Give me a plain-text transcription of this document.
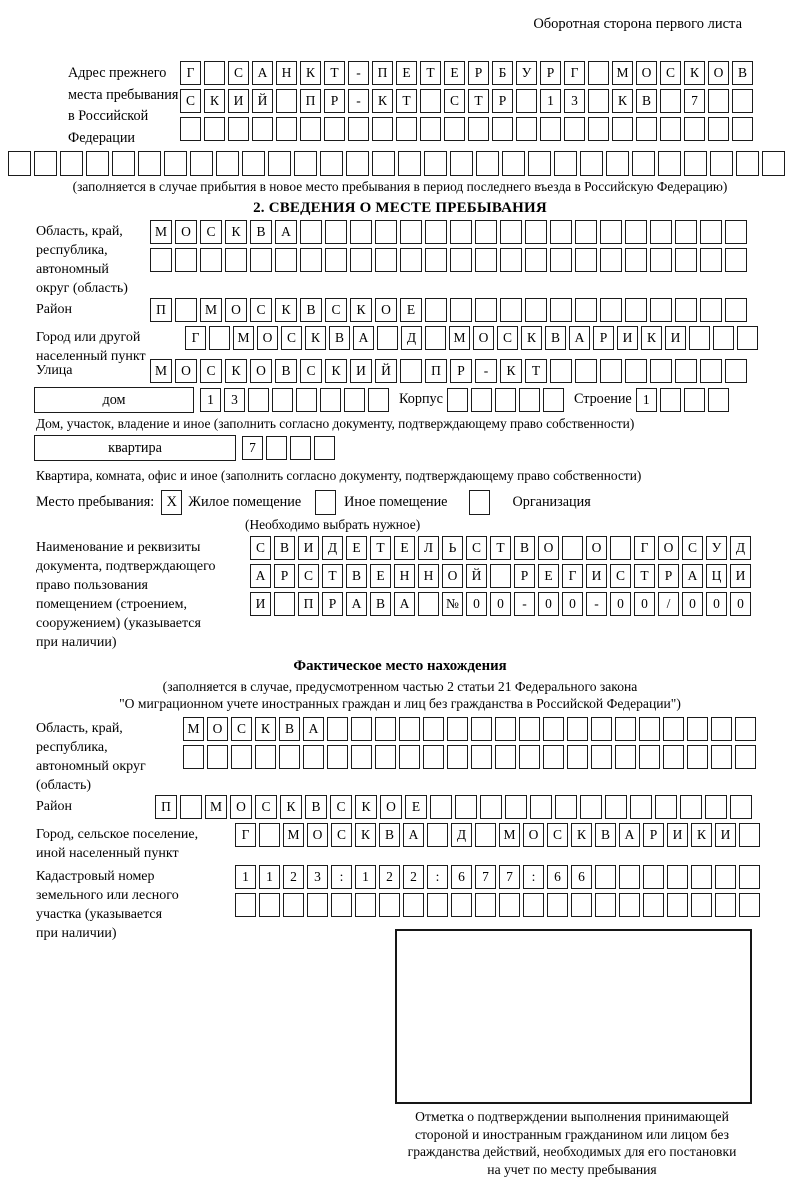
Оборотная сторона первого листа
Адрес прежнего
места пребывания
в Российской
Федерации
Г	С	А	Н	К	Т	-	П	Е	Т	Е	Р	Б	У	Р	Г	М О	С	К	О	В
С	К	И	Й	П	Р	-	К	Т	С	Т	Р	1	3	К	В	7
(заполняется в случае прибытия в новое место пребывания в период последнего въезда в Российскую Федерацию)
2. СВЕДЕНИЯ О МЕСТЕ ПРЕБЫВАНИЯ
Область, край,
республика,
автономный
округ (область)
М	О	С	К	В	А
Район	П	М	О	С	К	В	С	К	О	Е
Город или другой
населенный пункт
Г	М О	С	К	В	А	Д	М О	С	К	В	А	Р	И	К	И
Улица	М	О	С	К	О	В	С	К	И	Й	П	Р	-	К	Т
дом	1	3	Корпус	Строение 1
Дом, участок, владение и иное (заполнить согласно документу, подтверждающему право собственности)
квартира	7
Квартира, комната, офис и иное (заполнить согласно документу, подтверждающему право собственности)
Место пребывания: X Жилое помещение	Иное помещение	Организация
(Необходимо выбрать нужное)
Наименование и реквизиты
документа, подтверждающего
право пользования
помещением (строением,
сооружением) (указывается
при наличии)
С	В	И	Д	Е	Т	Е	Л	Ь	С	Т	В	О	О	Г	О	С	У	Д
А	Р	С	Т	В	Е	Н	Н	О	Й	Р	Е	Г	И	С	Т	Р	А	Ц	И
И	П	Р	А	В	А	№	0	0	-	0	0	-	0	0	/	0	0	0
Фактическое место нахождения
(заполняется в случае, предусмотренном частью 2 статьи 21 Федерального закона
"О миграционном учете иностранных граждан и лиц без гражданства в Российской Федерации")
Область, край,
республика,
автономный округ
(область)
М О	С	К	В	А
Район	П	М	О	С	К	В	С	К	О	Е
Город, сельское поселение,
иной населенный пункт
Г	М О	С	К	В	А	Д	М О	С	К	В	А	Р	И	К	И
Кадастровый номер
земельного или лесного
участка (указывается
при наличии)
1	1	2	3	:	1	2	2	:	6	7	7	:	6	6
Отметка о подтверждении выполнения принимающей
стороной и иностранным гражданином или лицом без
гражданства действий, необходимых для его постановки
на учет по месту пребывания
